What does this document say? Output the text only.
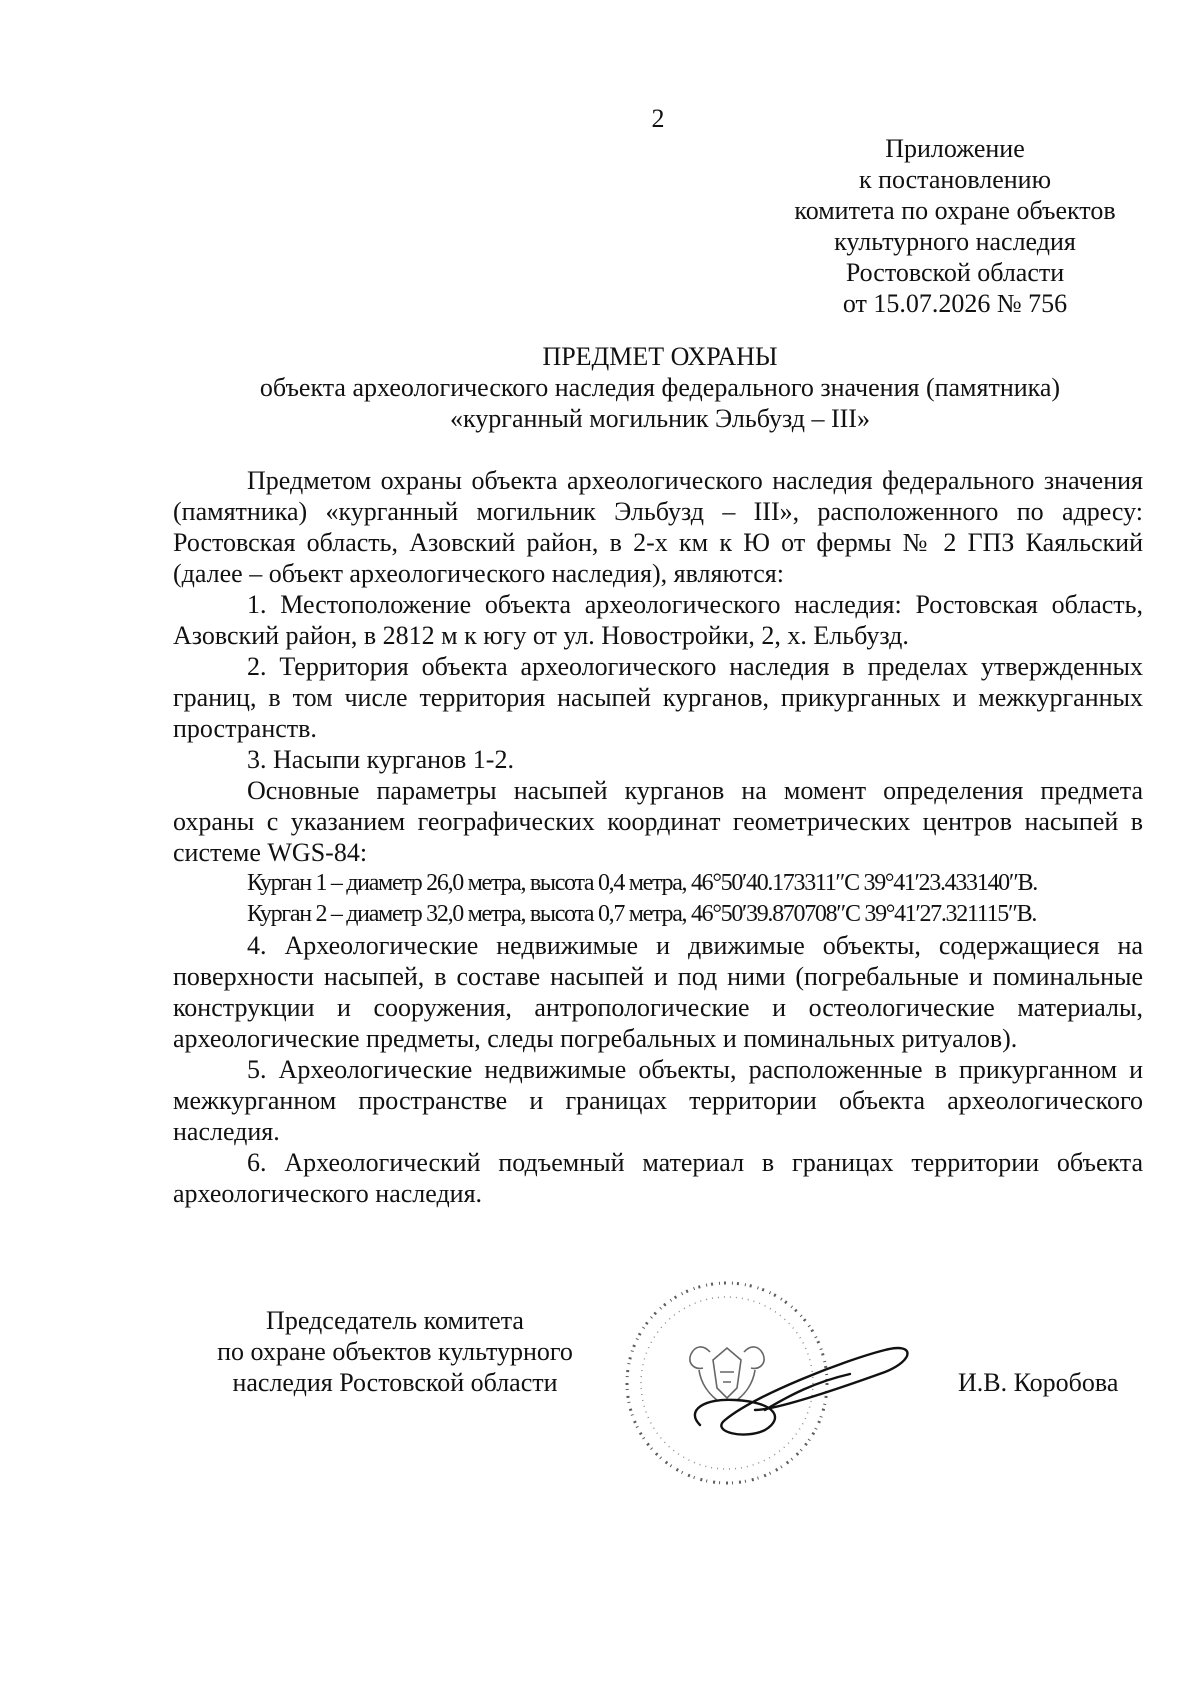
2
Приложение
к постановлению
комитета по охране объектов
культурного наследия
Ростовской области
от 15.07.2026 № 756
ПРЕДМЕТ ОХРАНЫ
объекта археологического наследия федерального значения (памятника)
«курганный могильник Эльбузд – III»

Предметом охраны объекта археологического наследия федерального значения (памятника) «курганный могильник Эльбузд – III», расположенного по адресу: Ростовская область, Азовский район, в 2-х км к Ю от фермы № 2 ГПЗ Каяльский (далее – объект археологического наследия), являются:

1. Местоположение объекта археологического наследия: Ростовская область, Азовский район, в 2812 м к югу от ул. Новостройки, 2, х. Ельбузд.

2. Территория объекта археологического наследия в пределах утвержденных границ, в том числе территория насыпей курганов, прикурганных и межкурганных пространств.

3. Насыпи курганов 1-2.

Основные параметры насыпей курганов на момент определения предмета охраны с указанием географических координат геометрических центров насыпей в системе WGS-84:

Курган 1 – диаметр 26,0 метра, высота 0,4 метра, 46°50′40.173311″С 39°41′23.433140″В.
Курган 2 – диаметр 32,0 метра, высота 0,7 метра, 46°50′39.870708″С 39°41′27.321115″В.

4. Археологические недвижимые и движимые объекты, содержащиеся на поверхности насыпей, в составе насыпей и под ними (погребальные и поминальные конструкции и сооружения, антропологические и остеологические материалы, археологические предметы, следы погребальных и поминальных ритуалов).

5. Археологические недвижимые объекты, расположенные в прикурганном и межкурганном пространстве и границах территории объекта археологического наследия.

6. Археологический подъемный материал в границах территории объекта археологического наследия.

Председатель комитета
по охране объектов культурного
наследия Ростовской области	И.В. Коробова
